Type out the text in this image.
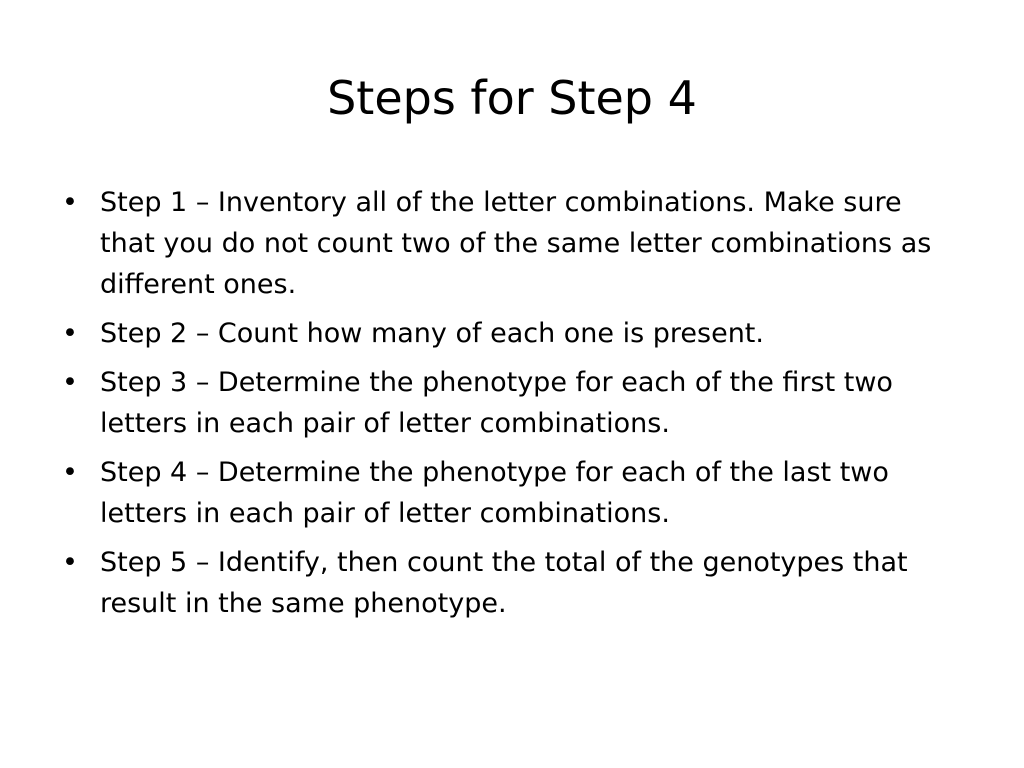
Steps for Step 4
• Step 1 – Inventory all of the letter combinations. Make sure that you do not count two of the same letter combinations as different ones.
• Step 2 – Count how many of each one is present.
• Step 3 – Determine the phenotype for each of the first two letters in each pair of letter combinations.
• Step 4 – Determine the phenotype for each of the last two letters in each pair of letter combinations.
• Step 5 – Identify, then count the total of the genotypes that result in the same phenotype.
